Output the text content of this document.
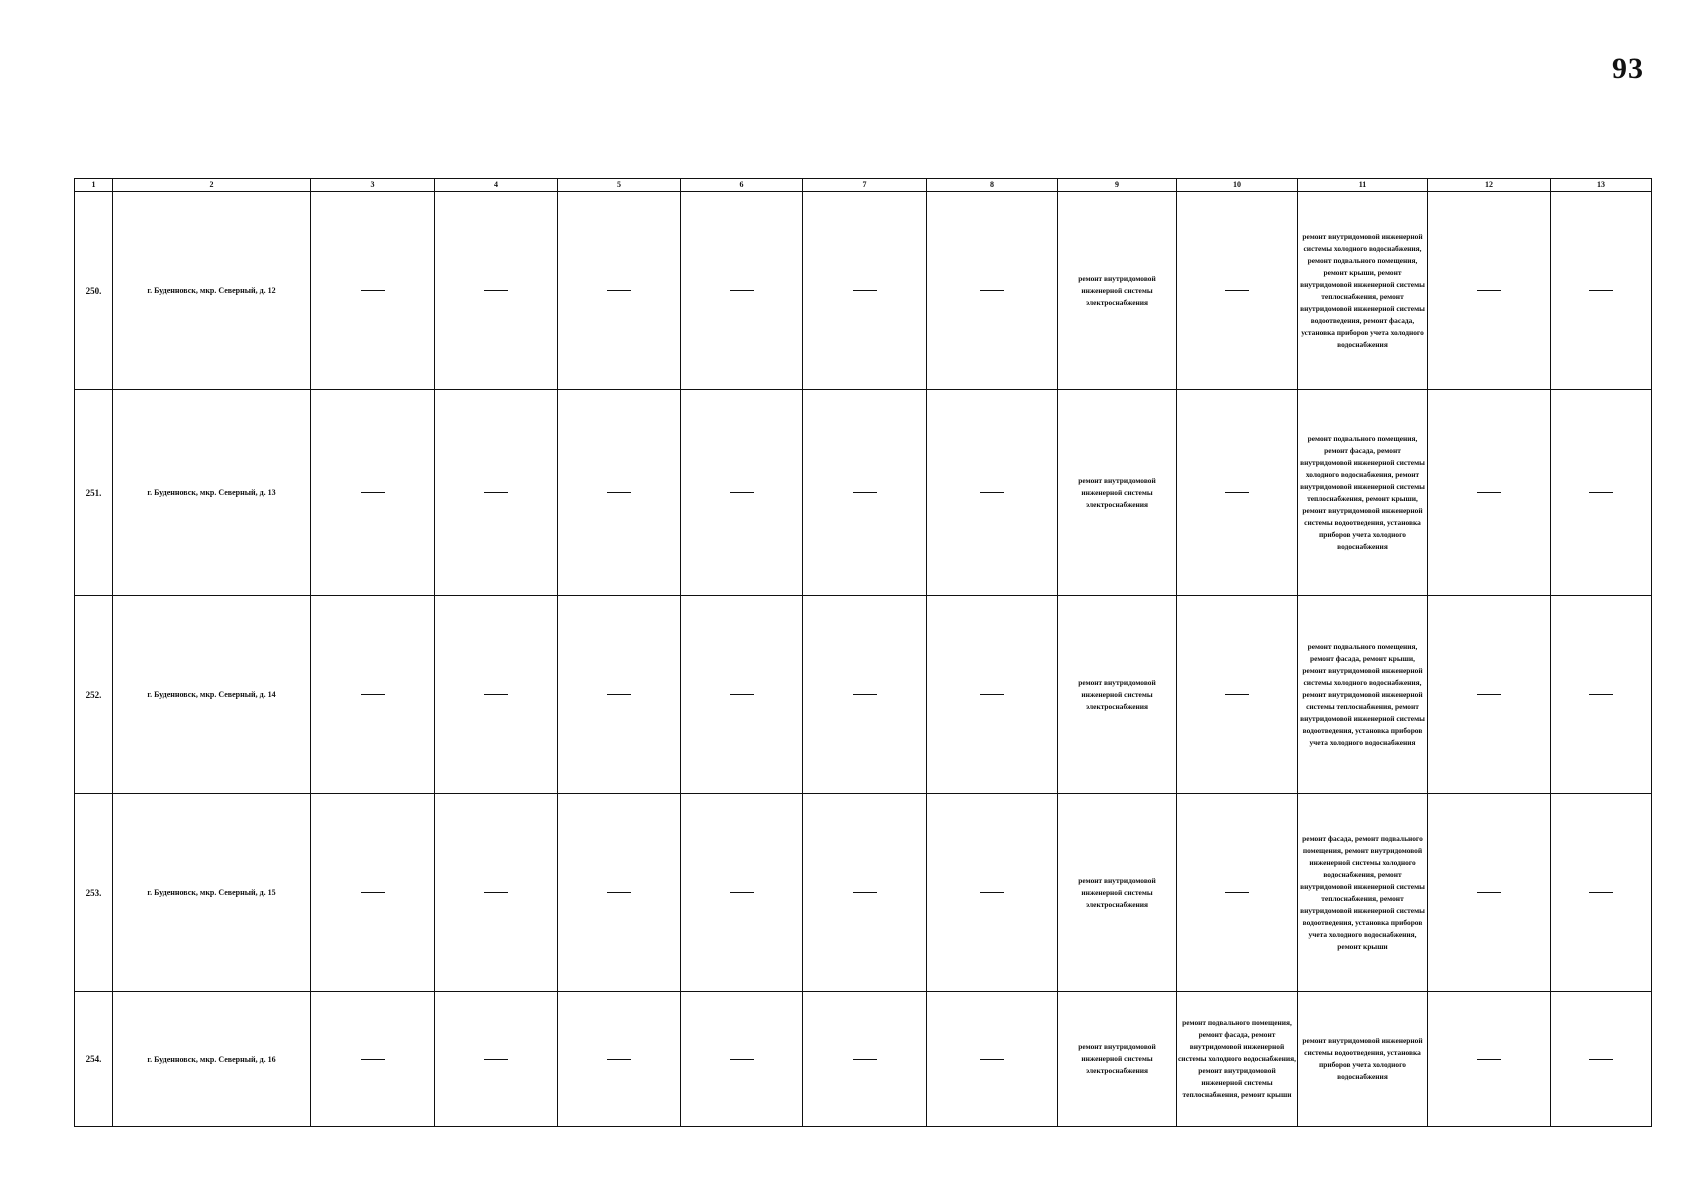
93
1	2	3	4	5	6	7	8	9	10	11	12	13
250.	г. Буденновск, мкр. Северный, д. 12							ремонт внутридомовой инженерной системы электроснабжения		ремонт внутридомовой инженерной системы холодного водоснабжения, ремонт подвального помещения, ремонт крыши, ремонт внутридомовой инженерной системы теплоснабжения, ремонт внутридомовой инженерной системы водоотведения, ремонт фасада, установка приборов учета холодного водоснабжения		
251.	г. Буденновск, мкр. Северный, д. 13							ремонт внутридомовой инженерной системы электроснабжения		ремонт подвального помещения, ремонт фасада, ремонт внутридомовой инженерной системы холодного водоснабжения, ремонт внутридомовой инженерной системы теплоснабжения, ремонт крыши, ремонт внутридомовой инженерной системы водоотведения, установка приборов учета холодного водоснабжения		
252.	г. Буденновск, мкр. Северный, д. 14							ремонт внутридомовой инженерной системы электроснабжения		ремонт подвального помещения, ремонт фасада, ремонт крыши, ремонт внутридомовой инженерной системы холодного водоснабжения, ремонт внутридомовой инженерной системы теплоснабжения, ремонт внутридомовой инженерной системы водоотведения, установка приборов учета холодного водоснабжения		
253.	г. Буденновск, мкр. Северный, д. 15							ремонт внутридомовой инженерной системы электроснабжения		ремонт фасада, ремонт подвального помещения, ремонт внутридомовой инженерной системы холодного водоснабжения, ремонт внутридомовой инженерной системы теплоснабжения, ремонт внутридомовой инженерной системы водоотведения, установка приборов учета холодного водоснабжения, ремонт крыши		
254.	г. Буденновск, мкр. Северный, д. 16							ремонт внутридомовой инженерной системы электроснабжения	ремонт подвального помещения, ремонт фасада, ремонт внутридомовой инженерной системы холодного водоснабжения, ремонт внутридомовой инженерной системы теплоснабжения, ремонт крыши	ремонт внутридомовой инженерной системы водоотведения, установка приборов учета холодного водоснабжения		
